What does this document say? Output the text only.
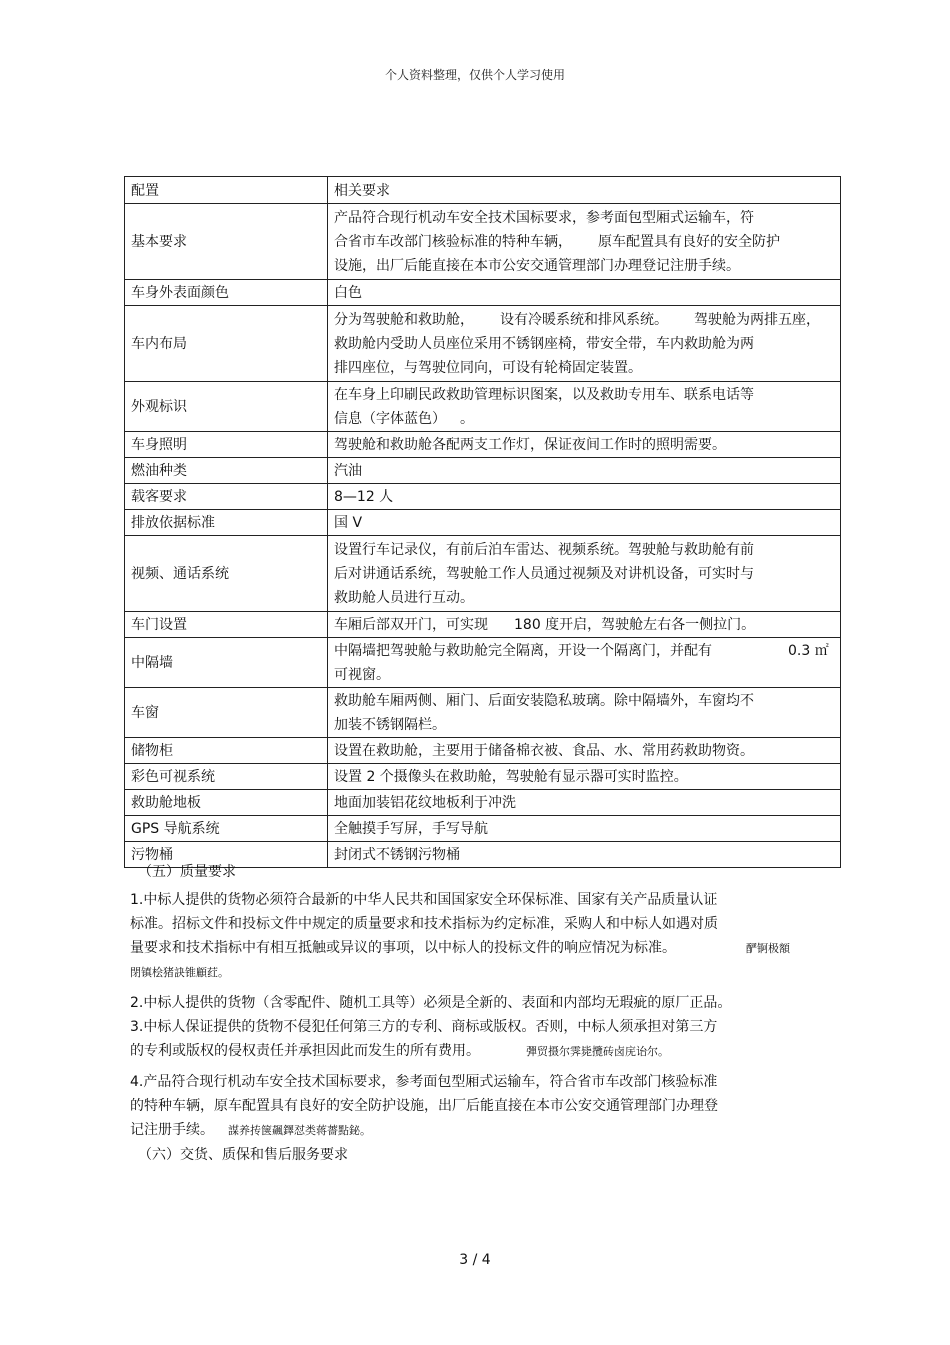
个人资料整理，仅供个人学习使用
配置	相关要求
基本要求	产品符合现行机动车安全技术国标要求，参考面包型厢式运输车，符
合省市车改部门核验标准的特种车辆， 原车配置具有良好的安全防护
设施，出厂后能直接在本市公安交通管理部门办理登记注册手续。

车身外表面颜色	白色
车内布局	分为驾驶舱和救助舱， 设有冷暖系统和排风系统。 驾驶舱为两排五座，
救助舱内受助人员座位采用不锈钢座椅，带安全带，车内救助舱为两
排四座位，与驾驶位同向，可设有轮椅固定装置。

外观标识	在车身上印刷民政救助管理标识图案，以及救助专用车、联系电话等
信息（字体蓝色） 。

车身照明	驾驶舱和救助舱各配两支工作灯，保证夜间工作时的照明需要。
燃油种类	汽油
载客要求	8—12 人
排放依据标准	国 V
视频、通话系统	设置行车记录仪，有前后泊车雷达、视频系统。驾驶舱与救助舱有前
后对讲通话系统，驾驶舱工作人员通过视频及对讲机设备，可实时与
救助舱人员进行互动。

车门设置	车厢后部双开门，可实现 180 度开启，驾驶舱左右各一侧拉门。

中隔墙	中隔墙把驾驶舱与救助舱完全隔离，开设一个隔离门，并配有 0.3 ㎡
可视窗。

车窗	救助舱车厢两侧、厢门、后面安装隐私玻璃。除中隔墙外，车窗均不
加装不锈钢隔栏。

储物柜	设置在救助舱，主要用于储备棉衣被、食品、水、常用药救助物资。
彩色可视系统	设置 2 个摄像头在救助舱，驾驶舱有显示器可实时监控。
救助舱地板	地面加装铝花纹地板利于冲洗
GPS 导航系统	全触摸手写屏，手写导航
污物桶	封闭式不锈钢污物桶

（五）质量要求

1.中标人提供的货物必须符合最新的中华人民共和国国家安全环保标准、国家有关产品质量认证

标准。招标文件和投标文件中规定的质量要求和技术指标为约定标准，采购人和中标人如遇对质

量要求和技术指标中有相互抵触或异议的事项，以中标人的投标文件的响应情况为标准。	酽锕极額

閉镇桧猪訣锥顧荭。

2.中标人提供的货物（含零配件、随机工具等）必须是全新的、表面和内部均无瑕疵的原厂正品。

3.中标人保证提供的货物不侵犯任何第三方的专利、商标或版权。否则，中标人须承担对第三方

的专利或版权的侵权责任并承担因此而发生的所有费用。	彈贸摄尔霁毙攬砖卤庑诒尔。

4.产品符合现行机动车安全技术国标要求，参考面包型厢式运输车，符合省市车改部门核验标准

的特种车辆，原车配置具有良好的安全防护设施，出厂后能直接在本市公安交通管理部门办理登

记注册手续。 謀养抟箧飆鐸怼类蒋薔點鉍。

（六）交货、质保和售后服务要求

3 / 4
